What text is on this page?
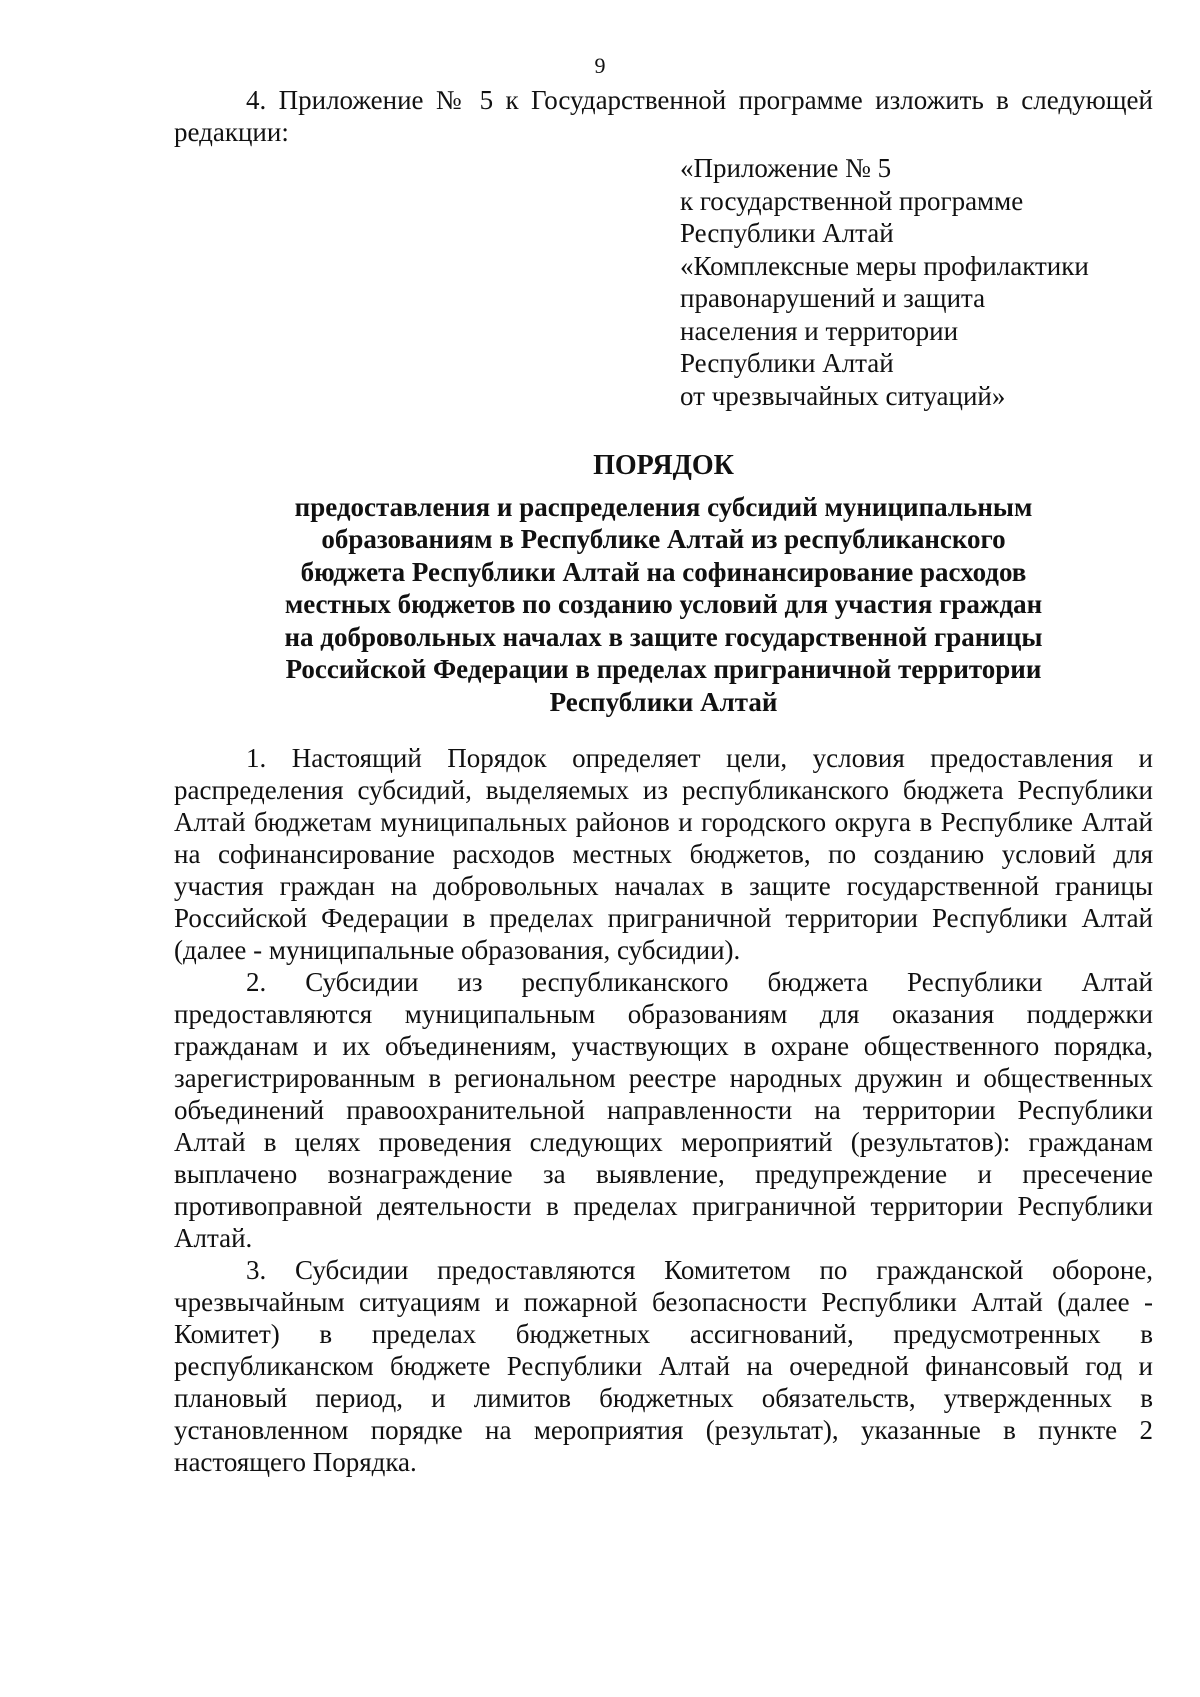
9

4. Приложение № 5 к Государственной программе изложить в следующей редакции:

«Приложение № 5
к государственной программе
Республики Алтай
«Комплексные меры профилактики
правонарушений и защита
населения и территории
Республики Алтай
от чрезвычайных ситуаций»
ПОРЯДОК
предоставления и распределения субсидий муниципальным
образованиям в Республике Алтай из республиканского
бюджета Республики Алтай на софинансирование расходов
местных бюджетов по созданию условий для участия граждан
на добровольных началах в защите государственной границы
Российской Федерации в пределах приграничной территории
Республики Алтай

1. Настоящий Порядок определяет цели, условия предоставления и распределения субсидий, выделяемых из республиканского бюджета Республики Алтай бюджетам муниципальных районов и городского округа в Республике Алтай на софинансирование расходов местных бюджетов, по созданию условий для участия граждан на добровольных началах в защите государственной границы Российской Федерации в пределах приграничной территории Республики Алтай (далее - муниципальные образования, субсидии).

2. Субсидии из республиканского бюджета Республики Алтай предоставляются муниципальным образованиям для оказания поддержки гражданам и их объединениям, участвующих в охране общественного порядка, зарегистрированным в региональном реестре народных дружин и общественных объединений правоохранительной направленности на территории Республики Алтай в целях проведения следующих мероприятий (результатов): гражданам выплачено вознаграждение за выявление, предупреждение и пресечение противоправной деятельности в пределах приграничной территории Республики Алтай.

3. Субсидии предоставляются Комитетом по гражданской обороне, чрезвычайным ситуациям и пожарной безопасности Республики Алтай (далее - Комитет) в пределах бюджетных ассигнований, предусмотренных в республиканском бюджете Республики Алтай на очередной финансовый год и плановый период, и лимитов бюджетных обязательств, утвержденных в установленном порядке на мероприятия (результат), указанные в пункте 2 настоящего Порядка.
